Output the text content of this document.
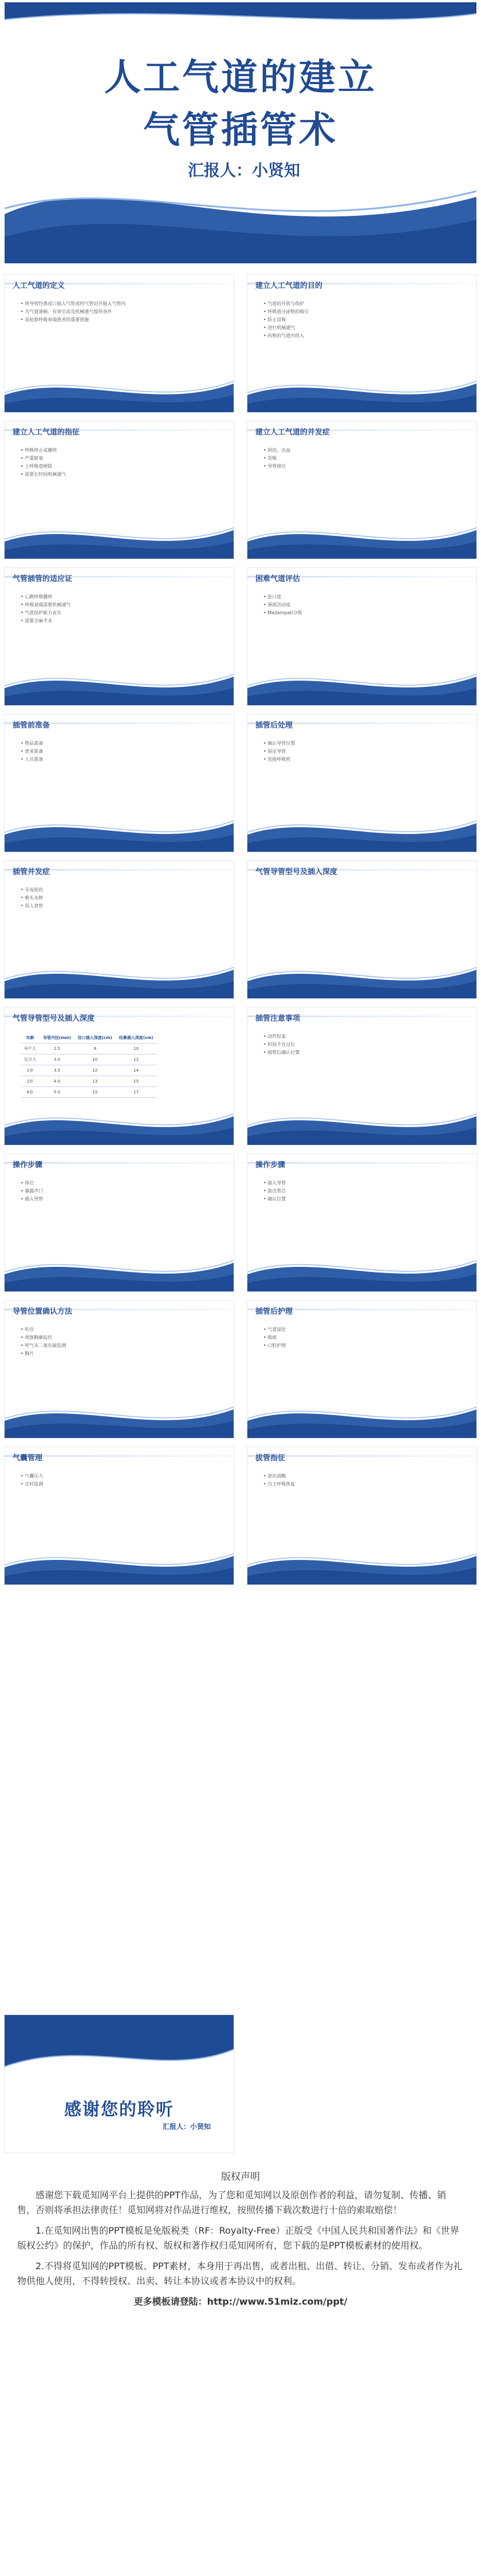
人工气道的建立
气管插管术
汇报人：小贤知
人工气道的定义
• 将导管经鼻或口插入气管或经气管切开插入气管内
• 为气道通畅、有效引流及机械通气提供条件
• 是抢救呼吸衰竭患者的重要措施
建立人工气道的目的
• 气道的开放与保护
• 呼吸道分泌物的吸引
• 防止误吸
• 进行机械通气
• 药物的气道内给入
建立人工气道的指征
• 呼吸停止或骤停
• 严重缺氧
• 上呼吸道梗阻
• 需要长时间机械通气
建立人工气道的并发症
• 损伤、出血
• 误吸
• 导管移位
气管插管的适应证
• 心跳呼吸骤停
• 呼吸衰竭需要机械通气
• 气道保护能力丧失
• 需要全麻手术
困难气道评估
• 张口度
• 颈部活动度
• Mallampati分级
插管前准备
• 物品准备
• 患者准备
• 人员准备
插管后处理
• 确认导管位置
• 固定导管
• 连接呼吸机
插管并发症
• 牙齿损伤
• 喉头水肿
• 误入食管
气管导管型号及插入深度
气管导管型号及插入深度
年龄	导管内径(mm)	经口插入深度(cm)	经鼻插入深度(cm)
早产儿	2.5	8	10
足月儿	3.0	10	12
1岁	3.5	12	14
2岁	4.0	13	15
6岁	5.0	15	17
插管注意事项
• 动作轻柔
• 时间不宜过长
• 插管后确认位置
操作步骤
• 体位
• 暴露声门
• 插入导管
操作步骤
• 插入导管
• 拔出管芯
• 确认位置
导管位置确认方法
• 听诊
• 观察胸廓起伏
• 呼气末二氧化碳监测
• 胸片
插管后护理
• 气道湿化
• 吸痰
• 口腔护理
气囊管理
• 气囊压力
• 定时监测
拔管指征
• 意识清醒
• 自主呼吸恢复
感谢您的聆听
汇报人：小贤知
版权声明

感谢您下载觅知网平台上提供的PPT作品，为了您和觅知网以及原创作者的利益，请勿复制、传播、销售，否则将承担法律责任！觅知网将对作品进行维权，按照传播下载次数进行十倍的索取赔偿！

1.在觅知网出售的PPT模板是免版税类（RF：Royalty-Free）正版受《中国人民共和国著作法》和《世界版权公约》的保护，作品的所有权、版权和著作权归觅知网所有，您下载的是PPT模板素材的使用权。

2.不得将觅知网的PPT模板、PPT素材，本身用于再出售，或者出租、出借、转让、分销、发布或者作为礼物供他人使用，不得转授权、出卖、转让本协议或者本协议中的权利。

更多模板请登陆：http://www.51miz.com/ppt/
